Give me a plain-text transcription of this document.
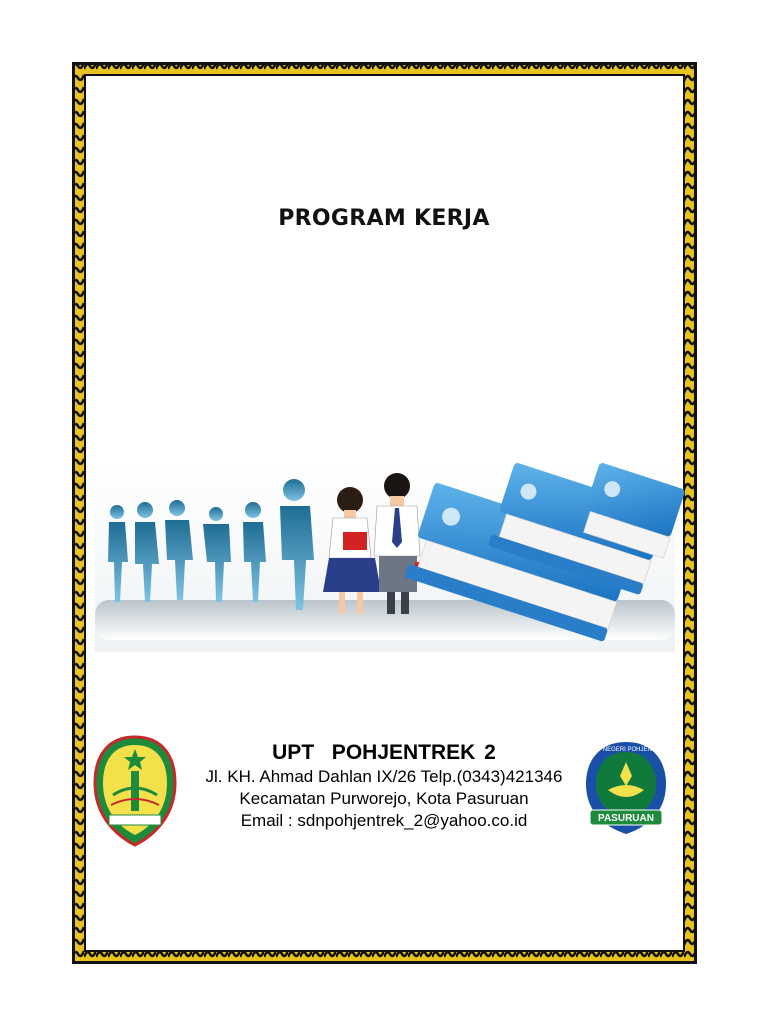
PROGRAM KERJA
UPT  POHJENTREK 2
Jl. KH. Ahmad Dahlan IX/26 Telp.(0343)421346
Kecamatan Purworejo, Kota Pasuruan
Email : sdnpohjentrek_2@yahoo.co.id
UPT SD NEGERI POHJENTREK 2
PASURUAN
